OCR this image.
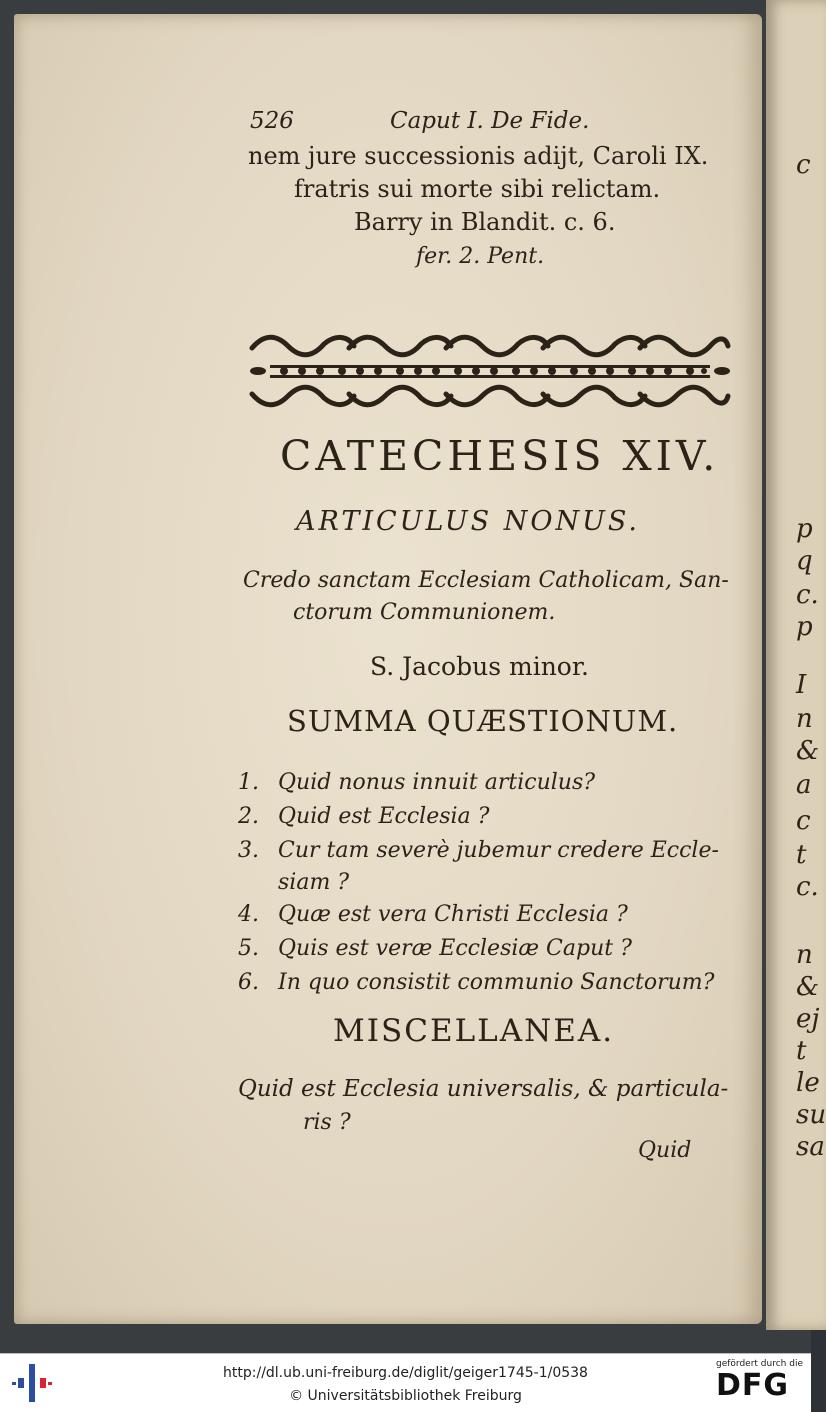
c
p
q
c.
p
I
n
&
a
c
t
c.
n
&
ej
t
le
su
sa
526	Caput I. De Fide.
nem jure successionis adijt, Caroli IX.
fratris sui morte sibi relictam.
Barry in Blandit. c. 6.
fer. 2. Pent.
CATECHESIS XIV.
ARTICULUS NONUS.
Credo sanctam Ecclesiam Catholicam, San-
ctorum Communionem.
S. Jacobus minor.
SUMMA QUÆSTIONUM.
1. Quid nonus innuit articulus?
2. Quid est Ecclesia ?
3. Cur tam severè jubemur credere Eccle-
siam ?
4. Quæ est vera Christi Ecclesia ?
5. Quis est veræ Ecclesiæ Caput ?
6. In quo consistit communio Sanctorum?
MISCELLANEA.
Quid est Ecclesia universalis, & particula-
ris ?
Quid
http://dl.ub.uni-freiburg.de/diglit/geiger1745-1/0538
© Universitätsbibliothek Freiburg
gefördert durch die
DFG
